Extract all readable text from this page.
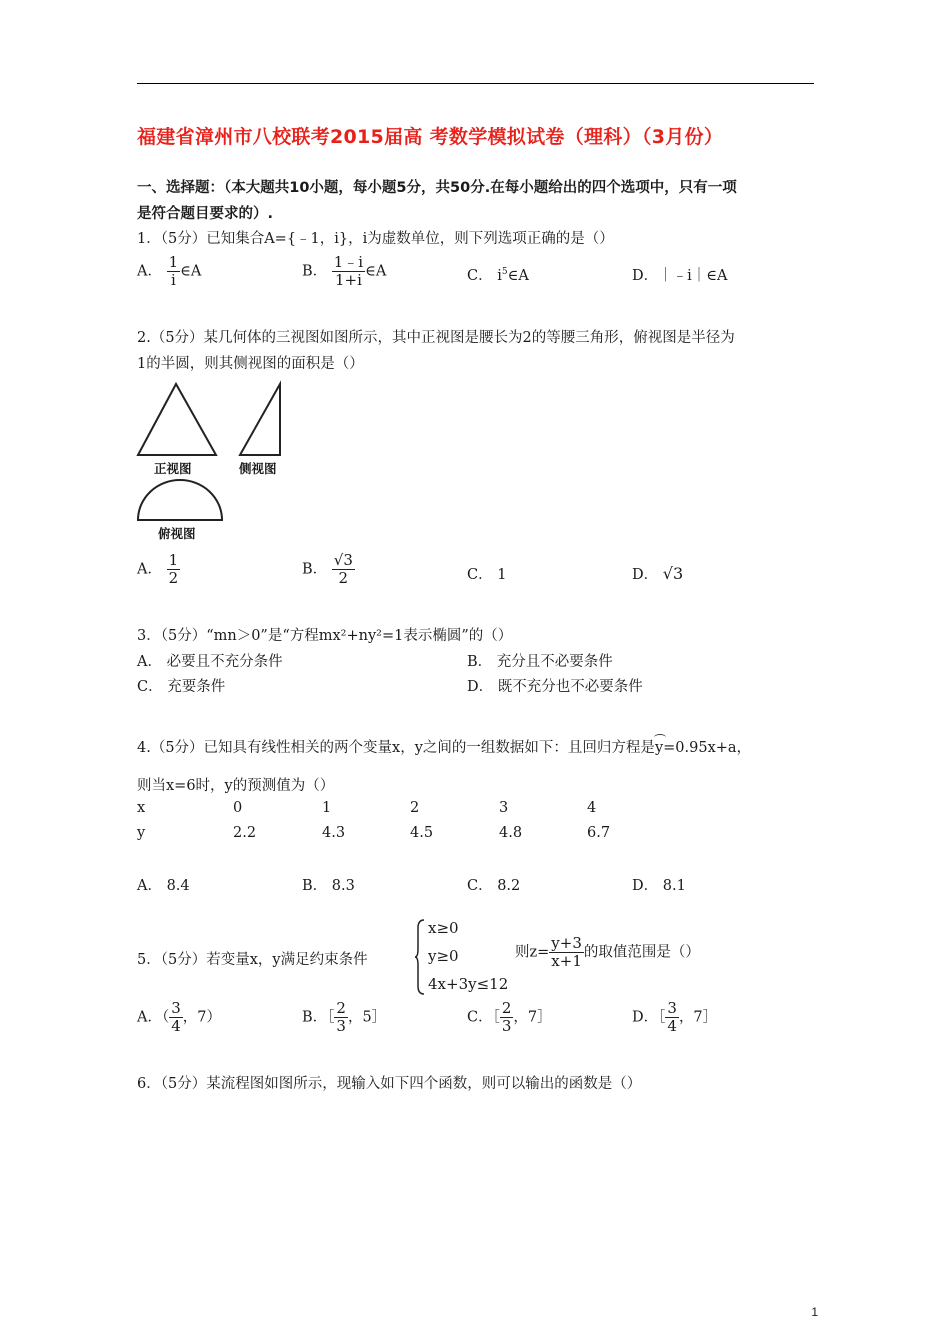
福建省漳州市八校联考2015届高 考数学模拟试卷（理科）（3月份）
一、选择题：（本大题共10小题，每小题5分，共50分.在每小题给出的四个选项中，只有一项
是符合题目要求的）.
1．（5分）已知集合A={﹣1，i}，i为虚数单位，则下列选项正确的是（）
A． $\frac{1}{i}$ ∈A	B． $\frac{1﹣i}{1+i}$ ∈A	C． $i^5\in A$	D．｜﹣i｜∈A
2.（5分）某几何体的三视图如图所示，其中正视图是腰长为2的等腰三角形，俯视图是半径为
1的半圆，则其侧视图的面积是（）
正视图	侧视图
俯视图
A． $\frac{1}{2}$	B． $\frac{√3}{2}$	C． 1	D． √3
3．（5分）“mn＞0”是“方程mx²+ny²=1表示椭圆”的（）
A． 必要且不充分条件	B． 充分且不必要条件
C． 充要条件	D． 既不充分也不必要条件
4.（5分）已知具有线性相关的两个变量x，y之间的一组数据如下：且回归方程是y=0.95x+a，
则当x=6时，y的预测值为（）
x	0	1	2	3	4
y	2.2	4.3	4.5	4.8	6.7
A． 8.4	B． 8.3	C． 8.2	D． 8.1
5．（5分）若变量x，y满足约束条件
x≥0
y≥0
4x+3y≤12
则$z= \frac{y+3}{x+1}$ 的取值范围是（）
A．（ $\frac{3}{4}$ ，7）	B．［ $\frac{2}{3}$ ，5］	C．［ $\frac{2}{3}$ ，7］	D．［ $\frac{3}{4}$ ，7］
6．（5分）某流程图如图所示，现输入如下四个函数，则可以输出的函数是（）
1
